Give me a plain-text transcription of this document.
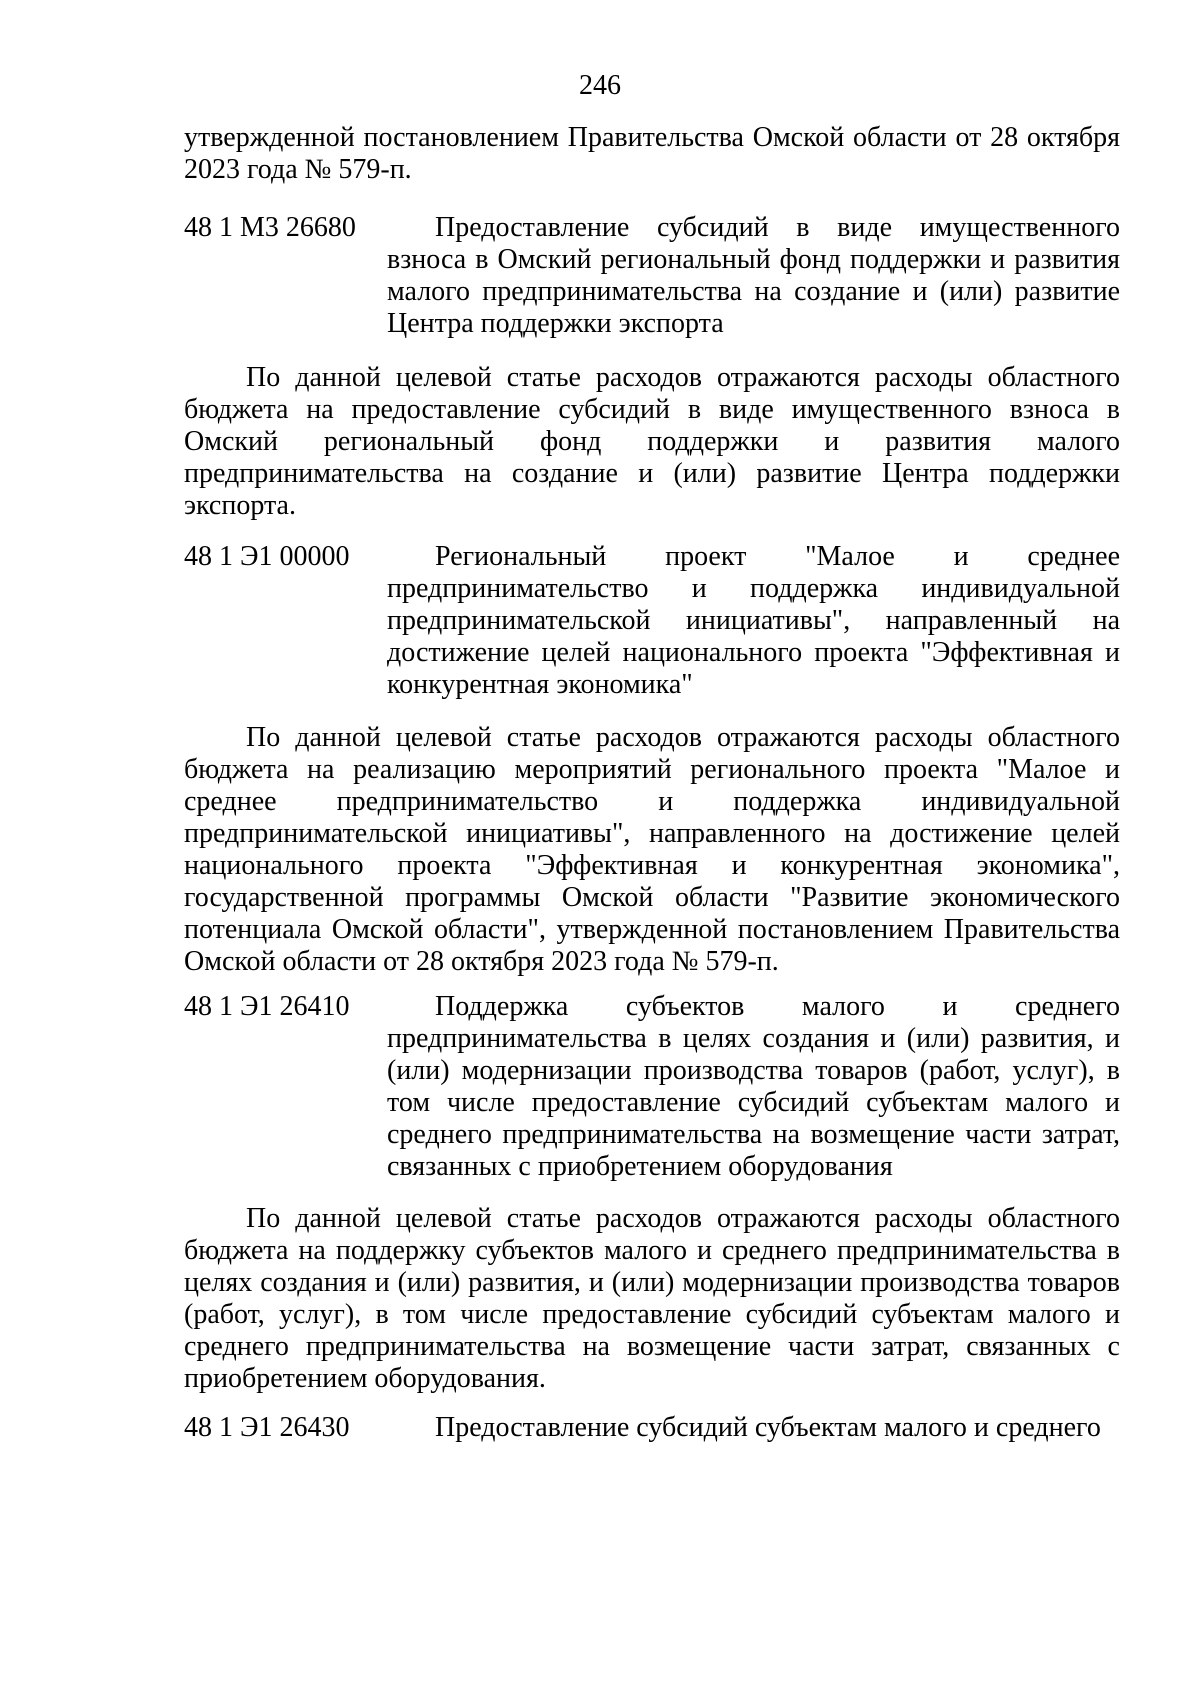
246

утвержденной постановлением Правительства Омской области от 28 октября 2023 года № 579-п.

48 1 М3 26680	Предоставление субсидий в виде имущественного взноса в Омский региональный фонд поддержки и развития малого предпринимательства на создание и (или) развитие Центра поддержки экспорта

По данной целевой статье расходов отражаются расходы областного бюджета на предоставление субсидий в виде имущественного взноса в Омский региональный фонд поддержки и развития малого предпринимательства на создание и (или) развитие Центра поддержки экспорта.

48 1 Э1 00000	Региональный проект "Малое и среднее предпринимательство и поддержка индивидуальной предпринимательской инициативы", направленный на достижение целей национального проекта "Эффективная и конкурентная экономика"

По данной целевой статье расходов отражаются расходы областного бюджета на реализацию мероприятий регионального проекта "Малое и среднее предпринимательство и поддержка индивидуальной предпринимательской инициативы", направленного на достижение целей национального проекта "Эффективная и конкурентная экономика", государственной программы Омской области "Развитие экономического потенциала Омской области", утвержденной постановлением Правительства Омской области от 28 октября 2023 года № 579-п.

48 1 Э1 26410	Поддержка субъектов малого и среднего предпринимательства в целях создания и (или) развития, и (или) модернизации производства товаров (работ, услуг), в том числе предоставление субсидий субъектам малого и среднего предпринимательства на возмещение части затрат, связанных с приобретением оборудования

По данной целевой статье расходов отражаются расходы областного бюджета на поддержку субъектов малого и среднего предпринимательства в целях создания и (или) развития, и (или) модернизации производства товаров (работ, услуг), в том числе предоставление субсидий субъектам малого и среднего предпринимательства на возмещение части затрат, связанных с приобретением оборудования.

48 1 Э1 26430	Предоставление субсидий субъектам малого и среднего
